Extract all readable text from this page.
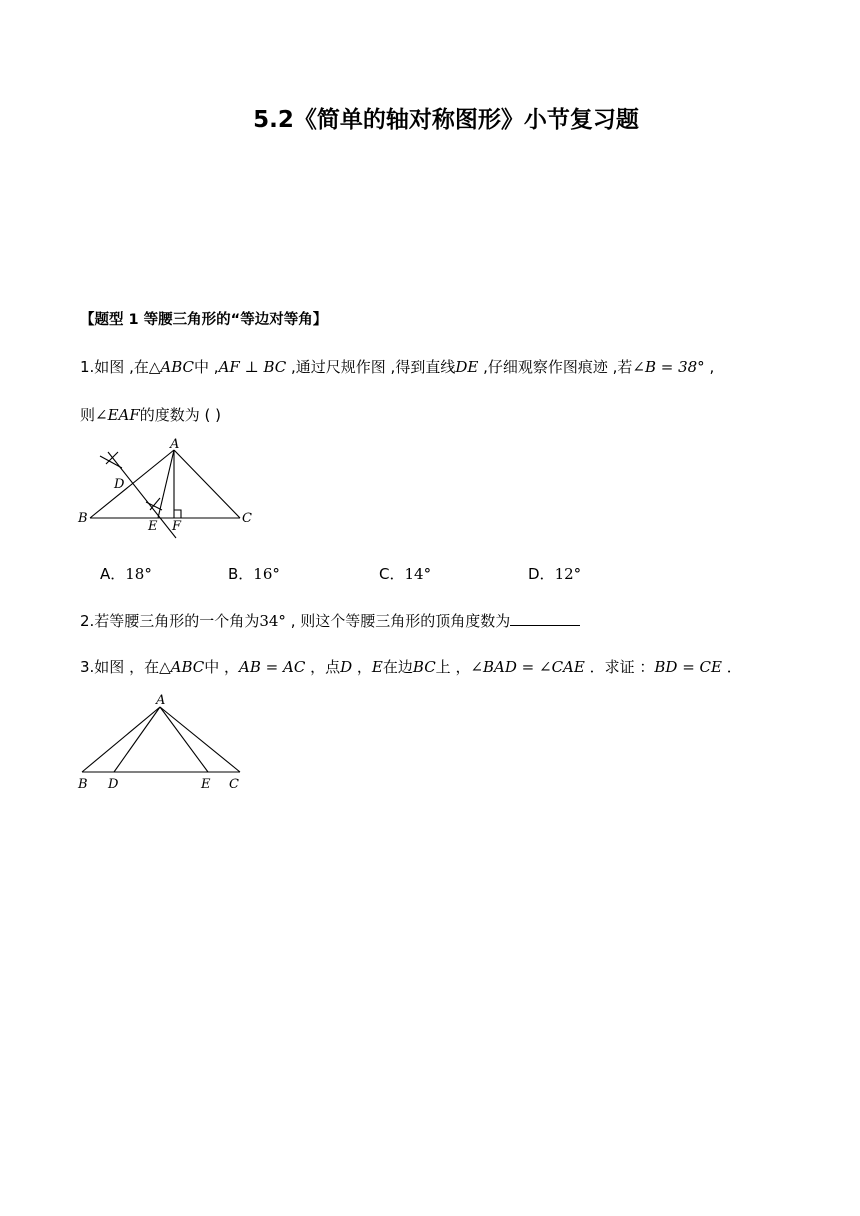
5.2《简单的轴对称图形》小节复习题
【题型 1 等腰三角形的“等边对等角】
1.如图 ,在△ABC中 ,AF ⊥ BC ,通过尺规作图 ,得到直线DE ,仔细观察作图痕迹 ,若∠B = 38° ,
则∠EAF的度数为 ( )
A
B	C
D
E F
A．18°	B．16°	C．14°	D．12°
2.若等腰三角形的一个角为34° , 则这个等腰三角形的顶角度数为
3.如图 ，在△ABC中 ，AB = AC ，点D ，E在边BC上 ，∠BAD = ∠CAE ．求证 ：BD = CE ．
A
B D	E C
